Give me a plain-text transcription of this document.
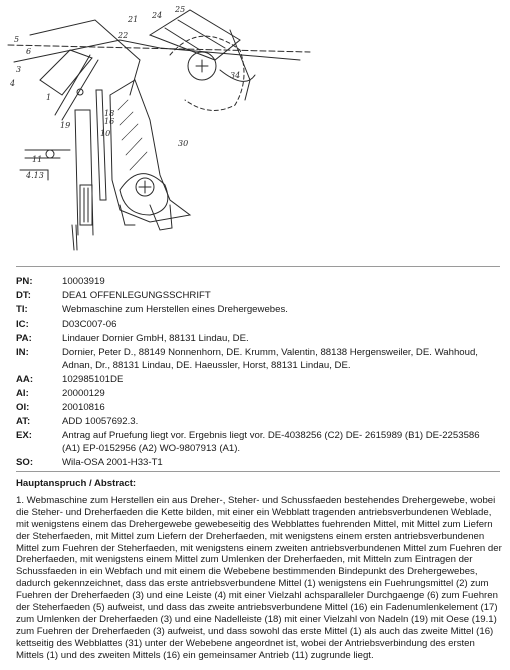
5
6
21 24
25
22
34
3
4
1
18
16
10
30
19
11
4.13
PN:	10003919
DT:	DEA1 OFFENLEGUNGSSCHRIFT
TI:	Webmaschine zum Herstellen eines Drehergewebes.
IC:	D03C007-06
PA:	Lindauer Dornier GmbH, 88131 Lindau, DE.
IN:	Dornier, Peter D., 88149 Nonnenhorn, DE. Krumm, Valentin, 88138 Hergensweiler, DE. Wahhoud, Adnan, Dr., 88131 Lindau, DE. Haeussler, Horst, 88131 Lindau, DE.
AA:	102985101DE
AI:	20000129
OI:	20010816
AT:	ADD 10057692.3.
EX:	Antrag auf Pruefung liegt vor. Ergebnis liegt vor. DE-4038256 (C2) DE- 2615989 (B1) DE-2253586 (A1) EP-0152956 (A2) WO-9807913 (A1).
SO:	Wila-OSA 2001-H33-T1
Hauptanspruch / Abstract:
1. Webmaschine zum Herstellen ein aus Dreher-, Steher- und Schussfaeden bestehendes Drehergewebe, wobei die Steher- und Dreherfaeden die Kette bilden, mit einer ein Webblatt tragenden antriebsverbundenen Weblade, mit wenigstens einem das Drehergewebe gewebeseitig des Webblattes fuehrenden Mittel, mit Mittel zum Liefern der Steherfaeden, mit Mittel zum Liefern der Dreherfaeden, mit wenigstens einem ersten antriebsverbundenen Mittel zum Fuehren der Steherfaeden, mit wenigstens einem zweiten antriebsverbundenen Mittel zum Fuehren der Dreherfaeden, mit wenigstens einem Mittel zum Umlenken der Dreherfaeden, mit Mitteln zum Eintragen der Schussfaeden in ein Webfach und mit einem die Webebene bestimmenden Bindepunkt des Drehergewebes, dadurch gekennzeichnet, dass das erste antriebsverbundene Mittel (1) wenigstens ein Fuehrungsmittel (2) zum Fuehren der Dreherfaeden (3) und eine Leiste (4) mit einer Vielzahl achsparalleler Durchgaenge (6) zum Fuehren der Steherfaeden (5) aufweist, und dass das zweite antriebsverbundene Mittel (16) ein Fadenumlenkelement (17) zum Umlenken der Dreherfaeden (3) und eine Nadelleiste (18) mit einer Vielzahl von Nadeln (19) mit Oese (19.1) zum Fuehren der Dreherfaeden (3) aufweist, und dass sowohl das erste Mittel (1) als auch das zweite Mittel (16) kettseitig des Webblattes (31) unter der Webebene angeordnet ist, wobei der Antriebsverbindung des ersten Mittels (1) und des zweiten Mittels (16) ein gemeinsamer Antrieb (11) zugrunde liegt.
